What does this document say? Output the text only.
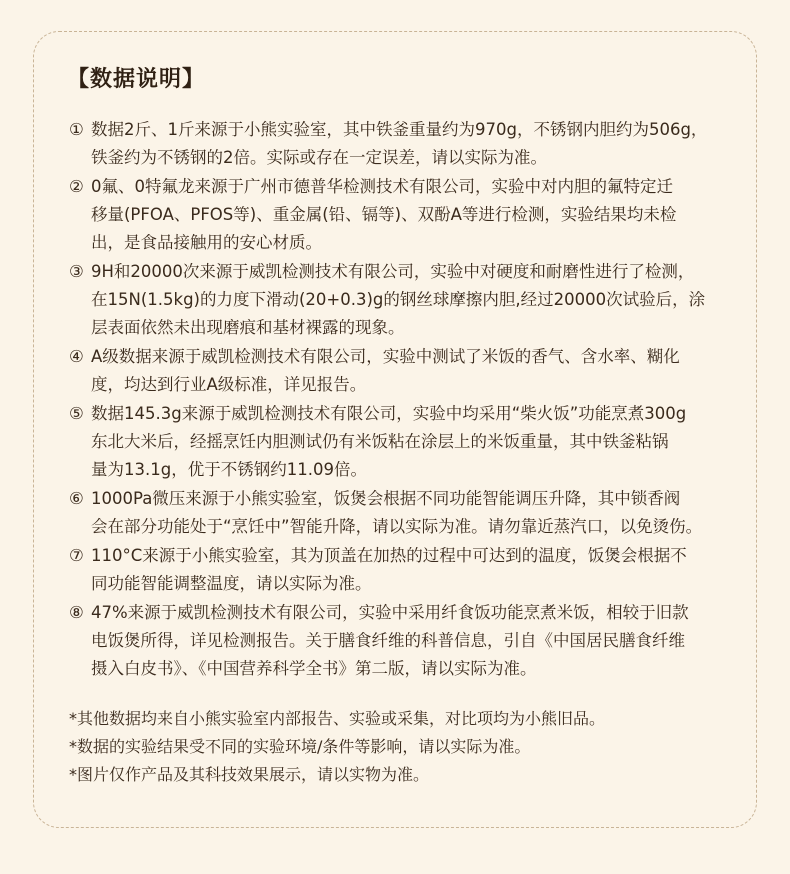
【数据说明】
① 数据2斤、1斤来源于小熊实验室，其中铁釜重量约为970g，不锈钢内胆约为506g，
铁釜约为不锈钢的2倍。实际或存在一定误差，请以实际为准。
② 0氟、0特氟龙来源于广州市德普华检测技术有限公司，实验中对内胆的氟特定迁
移量(PFOA、PFOS等)、重金属(铅、镉等)、双酚A等进行检测，实验结果均未检
出，是食品接触用的安心材质。
③ 9H和20000次来源于威凯检测技术有限公司，实验中对硬度和耐磨性进行了检测，
在15N(1.5kg)的力度下滑动(20+0.3)g的钢丝球摩擦内胆,经过20000次试验后，涂
层表面依然未出现磨痕和基材裸露的现象。
④ A级数据来源于威凯检测技术有限公司，实验中测试了米饭的香气、含水率、糊化
度，均达到行业A级标准，详见报告。
⑤ 数据145.3g来源于威凯检测技术有限公司，实验中均采用“柴火饭”功能烹煮300g
东北大米后，经摇烹饪内胆测试仍有米饭粘在涂层上的米饭重量，其中铁釜粘锅
量为13.1g，优于不锈钢约11.09倍。
⑥ 1000Pa微压来源于小熊实验室，饭煲会根据不同功能智能调压升降，其中锁香阀
会在部分功能处于“烹饪中”智能升降，请以实际为准。请勿靠近蒸汽口，以免烫伤。
⑦ 110°C来源于小熊实验室，其为顶盖在加热的过程中可达到的温度，饭煲会根据不
同功能智能调整温度，请以实际为准。
⑧ 47%来源于威凯检测技术有限公司，实验中采用纤食饭功能烹煮米饭，相较于旧款
电饭煲所得，详见检测报告。关于膳食纤维的科普信息，引自《中国居民膳食纤维
摄入白皮书》、《中国营养科学全书》第二版，请以实际为准。
*其他数据均来自小熊实验室内部报告、实验或采集，对比项均为小熊旧品。
*数据的实验结果受不同的实验环境/条件等影响，请以实际为准。
*图片仅作产品及其科技效果展示，请以实物为准。
